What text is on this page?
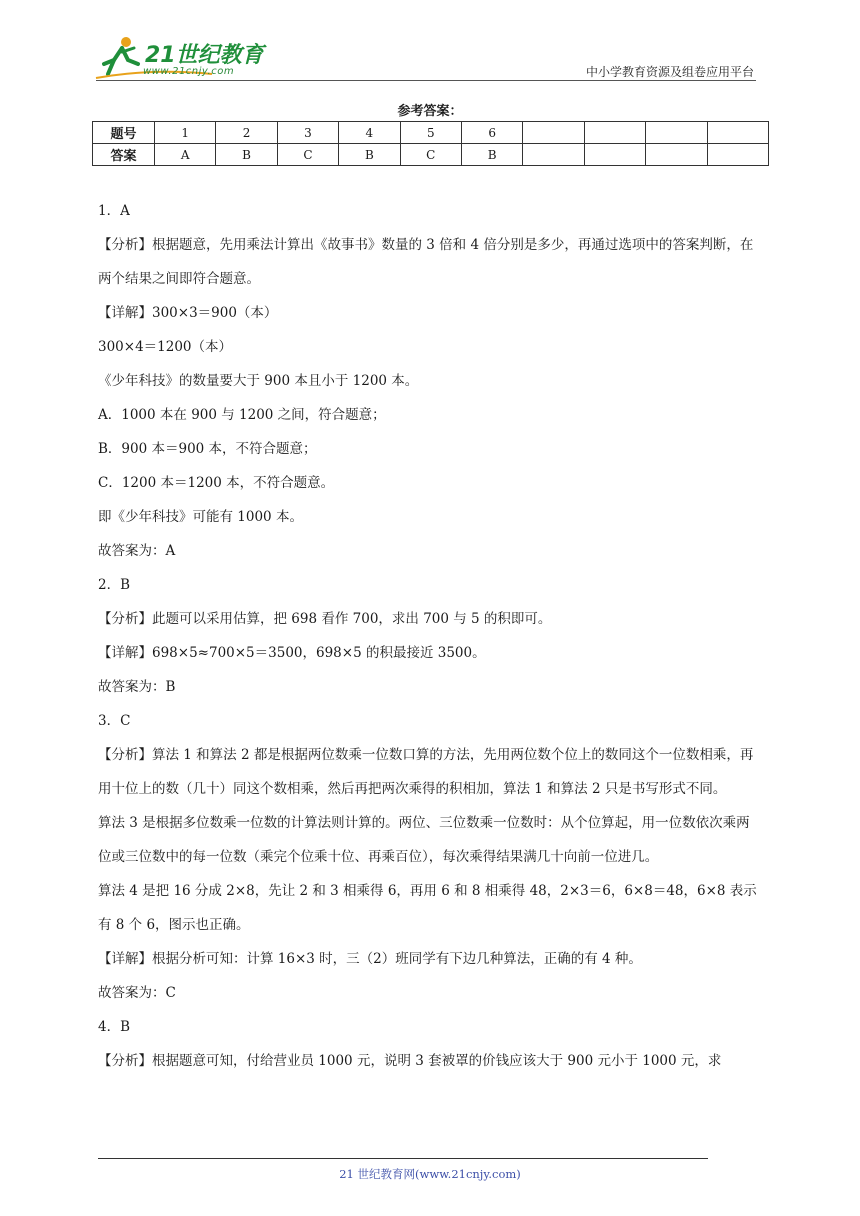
21世纪教育
www.21cnjy.com	中小学教育资源及组卷应用平台
参考答案：
题号	1	2	3	4	5	6				
答案	A	B	C	B	C	B				

1．A

【分析】根据题意，先用乘法计算出《故事书》数量的 3 倍和 4 倍分别是多少，再通过选项中的答案判断，在两个结果之间即符合题意。

【详解】300×3＝900（本）

300×4＝1200（本）

《少年科技》的数量要大于 900 本且小于 1200 本。

A．1000 本在 900 与 1200 之间，符合题意；

B．900 本＝900 本，不符合题意；

C．1200 本＝1200 本，不符合题意。

即《少年科技》可能有 1000 本。

故答案为：A

2．B

【分析】此题可以采用估算，把 698 看作 700，求出 700 与 5 的积即可。

【详解】698×5≈700×5＝3500，698×5 的积最接近 3500。

故答案为：B

3．C

【分析】算法 1 和算法 2 都是根据两位数乘一位数口算的方法，先用两位数个位上的数同这个一位数相乘，再用十位上的数（几十）同这个数相乘，然后再把两次乘得的积相加，算法 1 和算法 2 只是书写形式不同。

算法 3 是根据多位数乘一位数的计算法则计算的。两位、三位数乘一位数时：从个位算起，用一位数依次乘两位或三位数中的每一位数（乘完个位乘十位、再乘百位），每次乘得结果满几十向前一位进几。

算法 4 是把 16 分成 2×8，先让 2 和 3 相乘得 6，再用 6 和 8 相乘得 48，2×3＝6，6×8＝48，6×8 表示有 8 个 6，图示也正确。

【详解】根据分析可知：计算 16×3 时，三（2）班同学有下边几种算法，正确的有 4 种。

故答案为：C

4．B

【分析】根据题意可知，付给营业员 1000 元，说明 3 套被罩的价钱应该大于 900 元小于 1000 元，求

21 世纪教育网(www.21cnjy.com)
